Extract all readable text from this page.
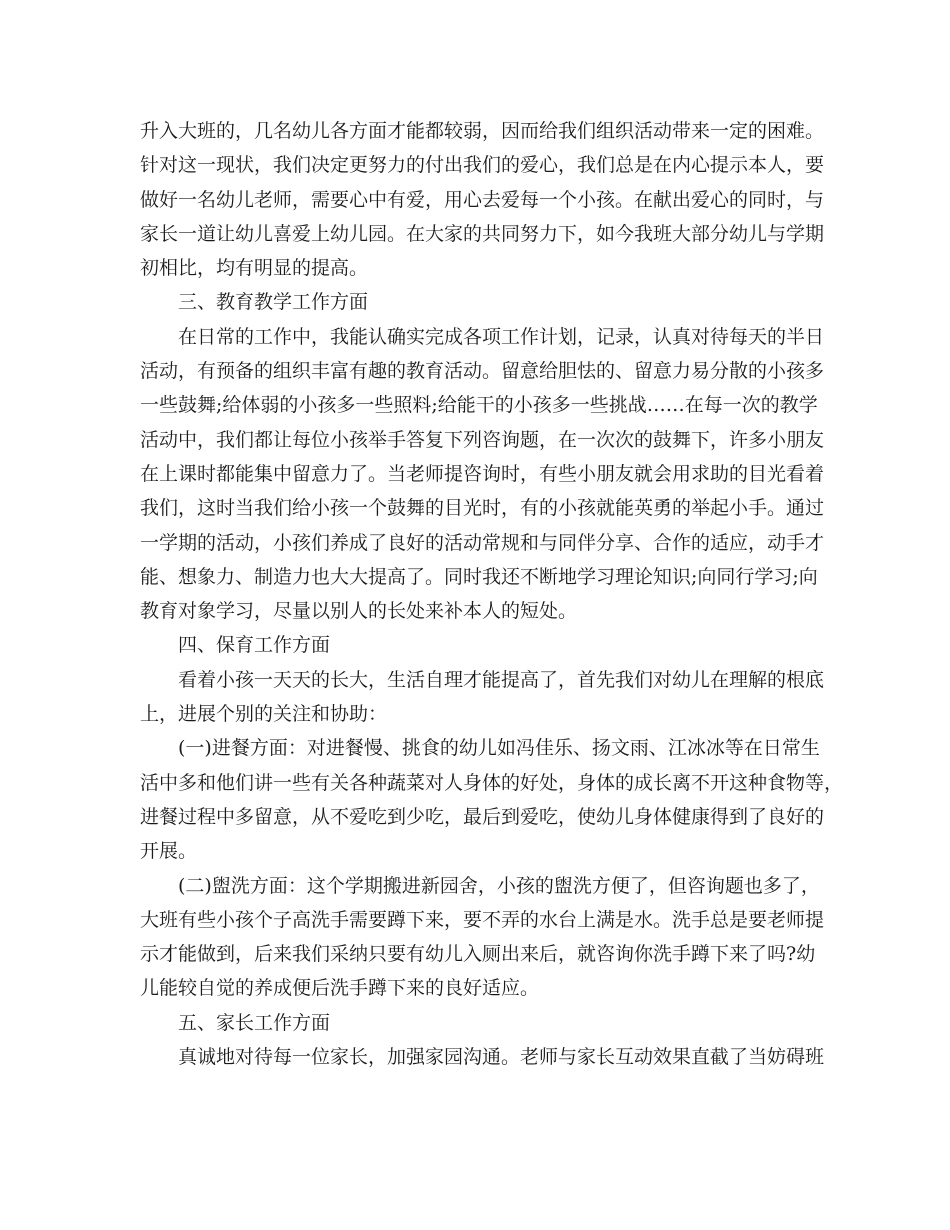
升入大班的，几名幼儿各方面才能都较弱，因而给我们组织活动带来一定的困难。
针对这一现状，我们决定更努力的付出我们的爱心，我们总是在内心提示本人，要
做好一名幼儿老师，需要心中有爱，用心去爱每一个小孩。在献出爱心的同时，与
家长一道让幼儿喜爱上幼儿园。在大家的共同努力下，如今我班大部分幼儿与学期
初相比，均有明显的提高。
三、教育教学工作方面
在日常的工作中，我能认确实完成各项工作计划，记录，认真对待每天的半日
活动，有预备的组织丰富有趣的教育活动。留意给胆怯的、留意力易分散的小孩多
一些鼓舞;给体弱的小孩多一些照料;给能干的小孩多一些挑战……在每一次的教学
活动中，我们都让每位小孩举手答复下列咨询题，在一次次的鼓舞下，许多小朋友
在上课时都能集中留意力了。当老师提咨询时，有些小朋友就会用求助的目光看着
我们，这时当我们给小孩一个鼓舞的目光时，有的小孩就能英勇的举起小手。通过
一学期的活动，小孩们养成了良好的活动常规和与同伴分享、合作的适应，动手才
能、想象力、制造力也大大提高了。同时我还不断地学习理论知识;向同行学习;向
教育对象学习，尽量以别人的长处来补本人的短处。
四、保育工作方面
看着小孩一天天的长大，生活自理才能提高了，首先我们对幼儿在理解的根底
上，进展个别的关注和协助：
(一)进餐方面：对进餐慢、挑食的幼儿如冯佳乐、扬文雨、江冰冰等在日常生
活中多和他们讲一些有关各种蔬菜对人身体的好处，身体的成长离不开这种食物等，
进餐过程中多留意，从不爱吃到少吃，最后到爱吃，使幼儿身体健康得到了良好的
开展。
(二)盥洗方面：这个学期搬进新园舍，小孩的盥洗方便了，但咨询题也多了，
大班有些小孩个子高洗手需要蹲下来，要不弄的水台上满是水。洗手总是要老师提
示才能做到，后来我们采纳只要有幼儿入厕出来后，就咨询你洗手蹲下来了吗?幼
儿能较自觉的养成便后洗手蹲下来的良好适应。
五、家长工作方面
真诚地对待每一位家长，加强家园沟通。老师与家长互动效果直截了当妨碍班
